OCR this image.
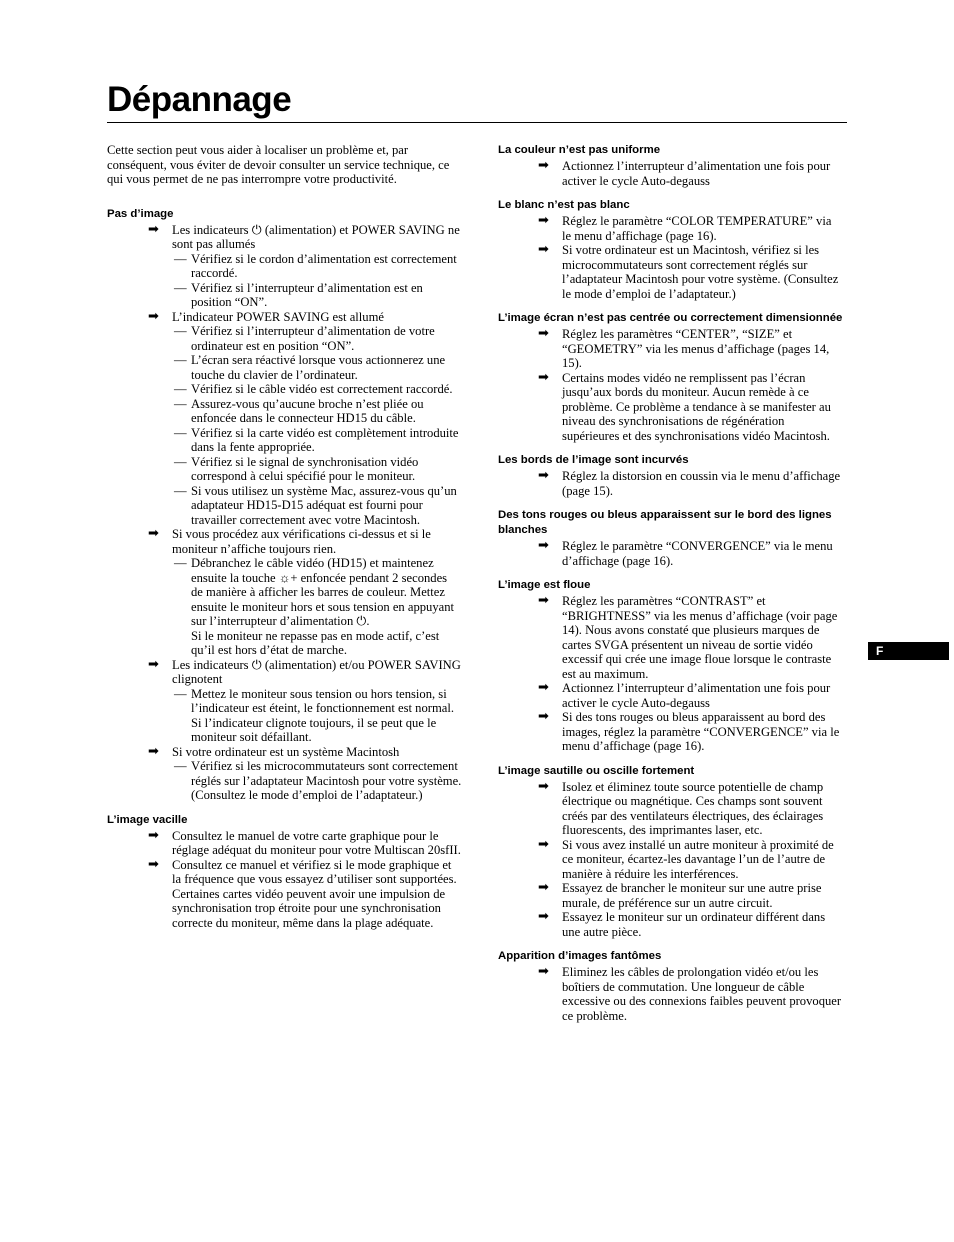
Dépannage

Cette section peut vous aider à localiser un problème et, par conséquent, vous éviter de devoir consulter un service technique, ce qui vous permet de ne pas interrompre votre productivité.

Pas d’image
➡	Les indicateurs ⏻ (alimentation) et POWER SAVING ne sont pas allumés
— Vérifiez si le cordon d’alimentation est correctement raccordé.
— Vérifiez si l’interrupteur d’alimentation est en position “ON”.
➡	L’indicateur POWER SAVING est allumé
— Vérifiez si l’interrupteur d’alimentation de votre ordinateur est en position “ON”.
— L’écran sera réactivé lorsque vous actionnerez une touche du clavier de l’ordinateur.
— Vérifiez si le câble vidéo est correctement raccordé.
— Assurez-vous qu’aucune broche n’est pliée ou enfoncée dans le connecteur HD15 du câble.
— Vérifiez si la carte vidéo est complètement introduite dans la fente appropriée.
— Vérifiez si le signal de synchronisation vidéo correspond à celui spécifié pour le moniteur.
— Si vous utilisez un système Mac, assurez-vous qu’un adaptateur HD15-D15 adéquat est fourni pour travailler correctement avec votre Macintosh.
➡	Si vous procédez aux vérifications ci-dessus et si le moniteur n’affiche toujours rien.
— Débranchez le câble vidéo (HD15) et maintenez ensuite la touche ☼+ enfoncée pendant 2 secondes de manière à afficher les barres de couleur. Mettez ensuite le moniteur hors et sous tension en appuyant sur l’interrupteur d’alimentation ⏻.
Si le moniteur ne repasse pas en mode actif, c’est qu’il est hors d’état de marche.
➡	Les indicateurs ⏻ (alimentation) et/ou POWER SAVING clignotent
— Mettez le moniteur sous tension ou hors tension, si l’indicateur est éteint, le fonctionnement est normal. Si l’indicateur clignote toujours, il se peut que le moniteur soit défaillant.
➡	Si votre ordinateur est un système Macintosh
— Vérifiez si les microcommutateurs sont correctement réglés sur l’adaptateur Macintosh pour votre système. (Consultez le mode d’emploi de l’adaptateur.)
L’image vacille
➡	Consultez le manuel de votre carte graphique pour le réglage adéquat du moniteur pour votre Multiscan 20sfII.
➡	Consultez ce manuel et vérifiez si le mode graphique et la fréquence que vous essayez d’utiliser sont supportées. Certaines cartes vidéo peuvent avoir une impulsion de synchronisation trop étroite pour une synchronisation correcte du moniteur, même dans la plage adéquate.
La couleur n’est pas uniforme
➡	Actionnez l’interrupteur d’alimentation une fois pour activer le cycle Auto-degauss
Le blanc n’est pas blanc
➡	Réglez le paramètre “COLOR TEMPERATURE” via le menu d’affichage (page 16).
➡	Si votre ordinateur est un Macintosh, vérifiez si les microcommutateurs sont correctement réglés sur l’adaptateur Macintosh pour votre système. (Consultez le mode d’emploi de l’adaptateur.)
L’image écran n’est pas centrée ou correctement dimensionnée
➡	Réglez les paramètres “CENTER”, “SIZE” et “GEOMETRY” via les menus d’affichage (pages 14, 15).
➡	Certains modes vidéo ne remplissent pas l’écran jusqu’aux bords du moniteur. Aucun remède à ce problème. Ce problème a tendance à se manifester au niveau des synchronisations de régénération supérieures et des synchronisations vidéo Macintosh.
Les bords de l’image sont incurvés
➡	Réglez la distorsion en coussin via le menu d’affichage (page 15).
Des tons rouges ou bleus apparaissent sur le bord des lignes blanches
➡	Réglez le paramètre “CONVERGENCE” via le menu d’affichage (page 16).
L’image est floue
➡	Réglez les paramètres “CONTRAST” et “BRIGHTNESS” via les menus d’affichage (voir page 14). Nous avons constaté que plusieurs marques de cartes SVGA présentent un niveau de sortie vidéo excessif qui crée une image floue lorsque le contraste est au maximum.
➡	Actionnez l’interrupteur d’alimentation une fois pour activer le cycle Auto-degauss
➡	Si des tons rouges ou bleus apparaissent au bord des images, réglez la paramètre “CONVERGENCE” via le menu d’affichage (page 16).
L’image sautille ou oscille fortement
➡	Isolez et éliminez toute source potentielle de champ électrique ou magnétique. Ces champs sont souvent créés par des ventilateurs électriques, des éclairages fluorescents, des imprimantes laser, etc.
➡	Si vous avez installé un autre moniteur à proximité de ce moniteur, écartez-les davantage l’un de l’autre de manière à réduire les interférences.
➡	Essayez de brancher le moniteur sur une autre prise murale, de préférence sur un autre circuit.
➡	Essayez le moniteur sur un ordinateur différent dans une autre pièce.
Apparition d’images fantômes
➡	Eliminez les câbles de prolongation vidéo et/ou les boîtiers de commutation. Une longueur de câble excessive ou des connexions faibles peuvent provoquer ce problème.
F
